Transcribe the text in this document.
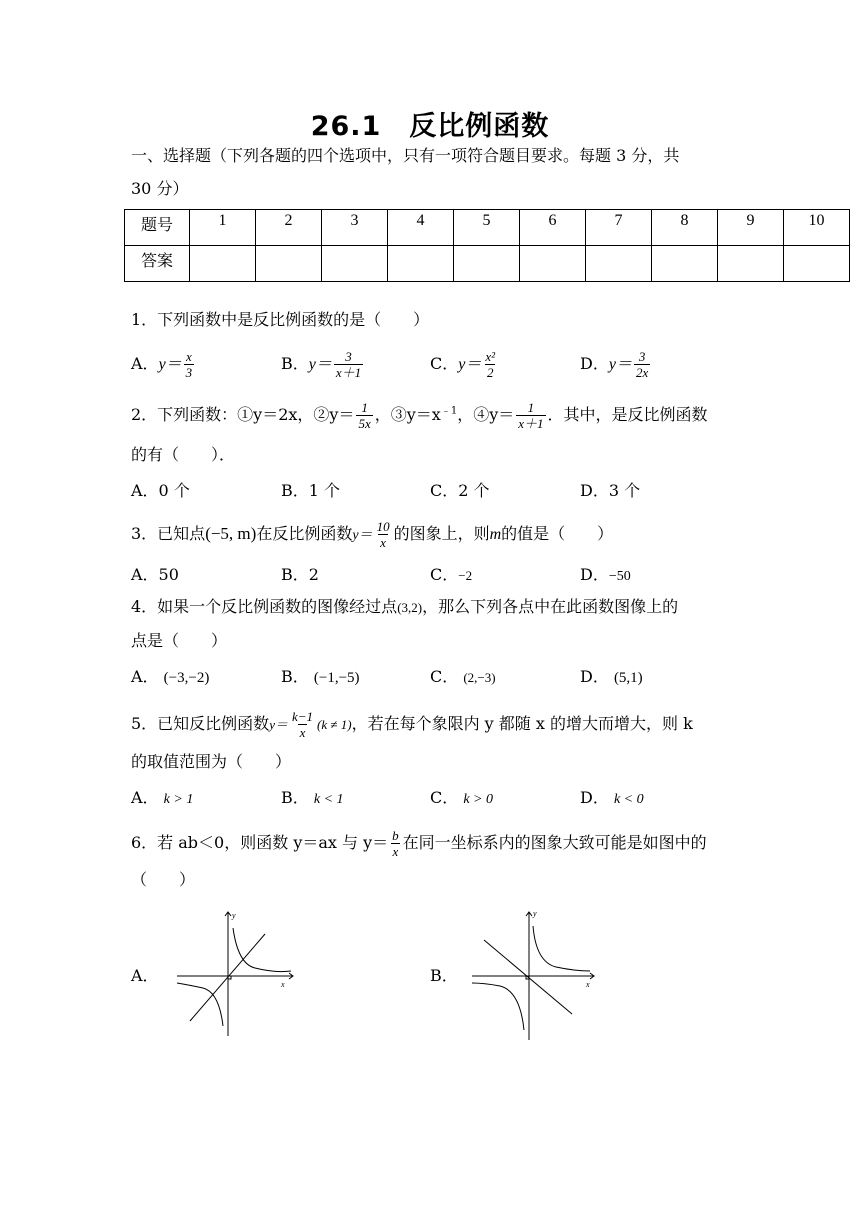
26.1　反比例函数
一、选择题（下列各题的四个选项中，只有一项符合题目要求。每题 3 分，共
30 分）
题号	1	2	3	4	5	6	7	8	9	10
答案										
1．下列函数中是反比例函数的是（　　）
A．$y= \frac{x}{3}$	B．$y= \frac{3}{x+1}$	C．$y= \frac{\text{x²}}{2}$	D．$y= \frac{3}{2x}$
2．下列函数：①y＝2x，②y＝ $\frac{1}{5x}$ ，$③y=x^{﹣1}$，④y＝ $\frac{1}{x+1}$ ．其中，是反比例函数
的有（　　）．
A．0 个	B．1 个	C．2 个	D．3 个
3．已知点(−5, m)在反比例函数$y= \frac{10}{x}$ 的图象上，则m的值是（　　）
A．50	B．2	C．−2	D．−50
4．如果一个反比例函数的图像经过点(3,2)，那么下列各点中在此函数图像上的
点是（　　）
A． (−3,−2)	B． (−1,−5)	C． (2,−3)	D． (5,1)
5．已知反比例函数$y= \frac{k-1}{x} (k \ne 1)$，若在每个象限内 y 都随 x 的增大而增大，则 k
的取值范围为（　　）
A． k > 1	B． k < 1	C． k > 0	D． k < 0
6．若 ab＜0，则函数 y＝ax 与 $y= \frac{b}{x}$ 在同一坐标系内的图象大致可能是如图中的
（　　）
A．	B．
y
x
y
x
